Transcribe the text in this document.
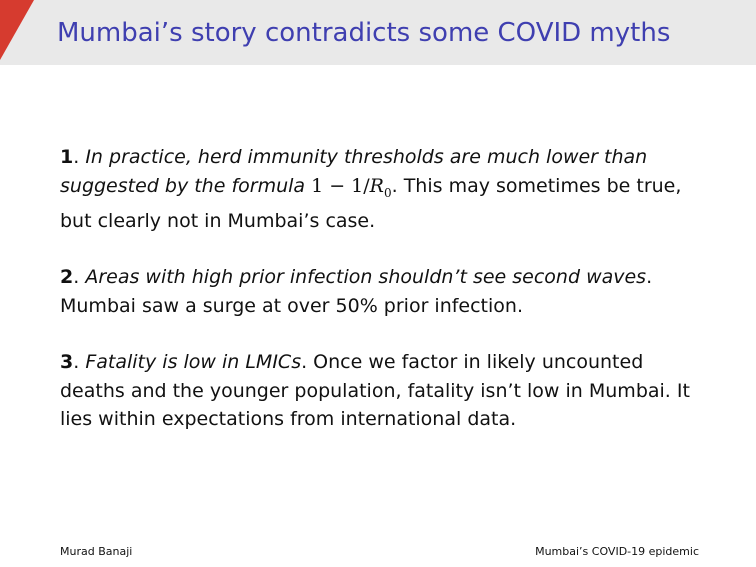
Mumbai’s story contradicts some COVID myths

1. In practice, herd immunity thresholds are much lower than suggested by the formula $1 - 1/R_0$. This may sometimes be true, but clearly not in Mumbai’s case.

2. Areas with high prior infection shouldn’t see second waves. Mumbai saw a surge at over 50% prior infection.

3. Fatality is low in LMICs. Once we factor in likely uncounted deaths and the younger population, fatality isn’t low in Mumbai. It lies within expectations from international data.

Murad Banaji	Mumbai’s COVID-19 epidemic
